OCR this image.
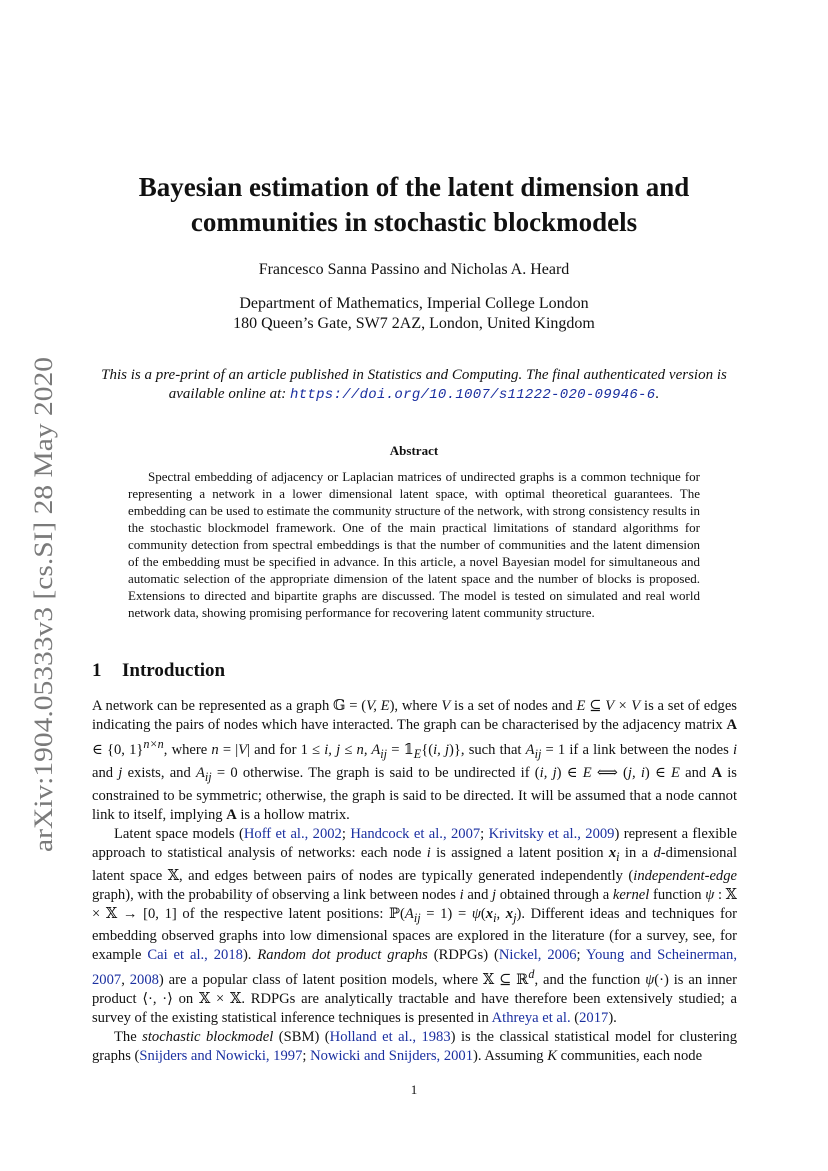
arXiv:1904.05333v3 [cs.SI] 28 May 2020
Bayesian estimation of the latent dimension and
communities in stochastic blockmodels
Francesco Sanna Passino and Nicholas A. Heard
Department of Mathematics, Imperial College London
180 Queen’s Gate, SW7 2AZ, London, United Kingdom
This is a pre-print of an article published in Statistics and Computing. The final authenticated version is available online at: https://doi.org/10.1007/s11222-020-09946-6.
Abstract

Spectral embedding of adjacency or Laplacian matrices of undirected graphs is a common technique for representing a network in a lower dimensional latent space, with optimal theoretical guarantees. The embedding can be used to estimate the community structure of the network, with strong consistency results in the stochastic blockmodel framework. One of the main practical limitations of standard algorithms for community detection from spectral embeddings is that the number of communities and the latent dimension of the embedding must be specified in advance. In this article, a novel Bayesian model for simultaneous and automatic selection of the appropriate dimension of the latent space and the number of blocks is proposed. Extensions to directed and bipartite graphs are discussed. The model is tested on simulated and real world network data, showing promising performance for recovering latent community structure.

1 Introduction

A network can be represented as a graph 𝔾 = (V, E), where V is a set of nodes and E ⊆ V × V is a set of edges indicating the pairs of nodes which have interacted. The graph can be characterised by the adjacency matrix A ∈ {0, 1}$^{n\times n}$, where n = |V| and for 1 ≤ i, j ≤ n, $A_{ij}$ = $𝟙_E\{(i$, j)}, such that $A_{ij} = 1$ if a link between the nodes i and j exists, and $A_{ij} = 0$ otherwise. The graph is said to be undirected if (i, j) ∈ E ⟺ (j, i) ∈ E and A is constrained to be symmetric; otherwise, the graph is said to be directed. It will be assumed that a node cannot link to itself, implying A is a hollow matrix.

Latent space models (Hoff et al., 2002; Handcock et al., 2007; Krivitsky et al., 2009) represent a flexible approach to statistical analysis of networks: each node i is assigned a latent position $x_i$ in a d-dimensional latent space 𝕏, and edges between pairs of nodes are typically generated independently (independent-edge graph), with the probability of observing a link between nodes i and j obtained through a kernel function ψ : 𝕏 × 𝕏 → [0, 1] of the respective latent positions: $ℙ(A_{ij} = 1) = \psi(x_i$, $x_j$). Different ideas and techniques for embedding observed graphs into low dimensional spaces are explored in the literature (for a survey, see, for example Cai et al., 2018). Random dot product graphs (RDPGs) (Nickel, 2006; Young and Scheinerman, 2007, 2008) are a popular class of latent position models, where 𝕏 ⊆ ℝ$^d$, and the function ψ(·) is an inner product ⟨·, ·⟩ on 𝕏 × 𝕏. RDPGs are analytically tractable and have therefore been extensively studied; a survey of the existing statistical inference techniques is presented in Athreya et al. (2017).

The stochastic blockmodel (SBM) (Holland et al., 1983) is the classical statistical model for clustering graphs (Snijders and Nowicki, 1997; Nowicki and Snijders, 2001). Assuming K communities, each node

1
